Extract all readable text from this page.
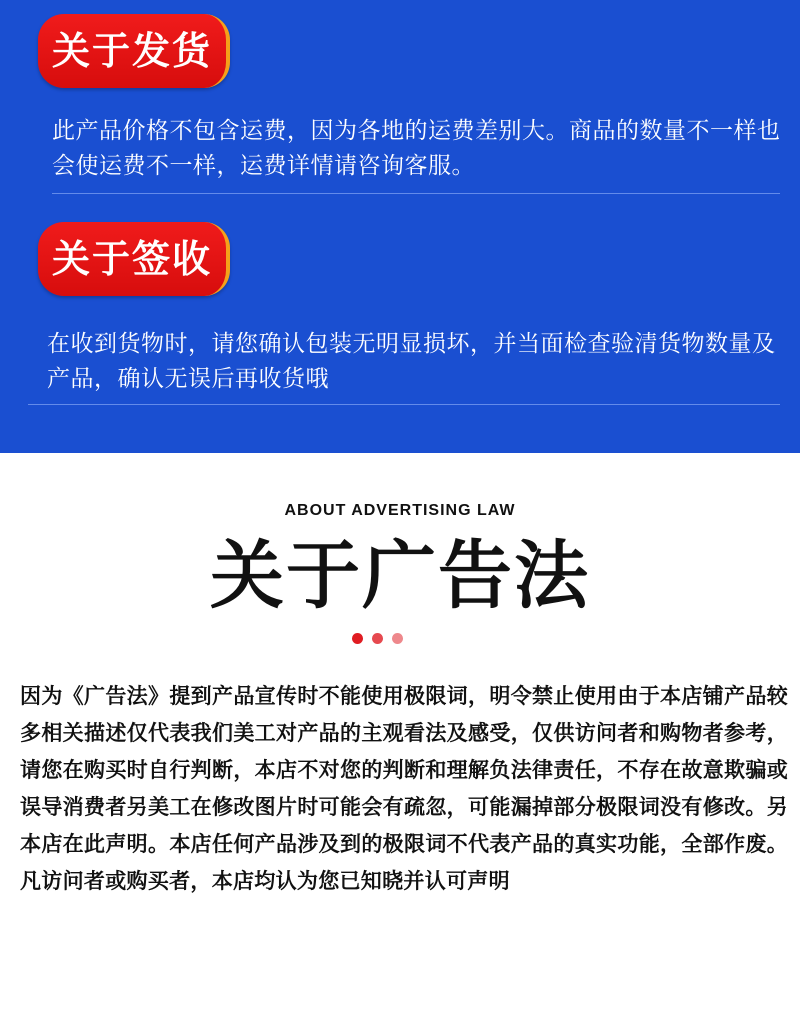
关于发货
此产品价格不包含运费，因为各地的运费差别大。商品的数量不一样也会使运费不一样，运费详情请咨询客服。
关于签收
在收到货物时，请您确认包装无明显损坏，并当面检查验清货物数量及产品，确认无误后再收货哦
ABOUT ADVERTISING LAW
关于广告法
因为《广告法》提到产品宣传时不能使用极限词，明令禁止使用由于本店铺产品较多相关描述仅代表我们美工对产品的主观看法及感受，仅供访问者和购物者参考，请您在购买时自行判断，本店不对您的判断和理解负法律责任，不存在故意欺骗或误导消费者另美工在修改图片时可能会有疏忽，可能漏掉部分极限词没有修改。另本店在此声明。本店任何产品涉及到的极限词不代表产品的真实功能，全部作废。凡访问者或购买者，本店均认为您已知晓并认可声明
